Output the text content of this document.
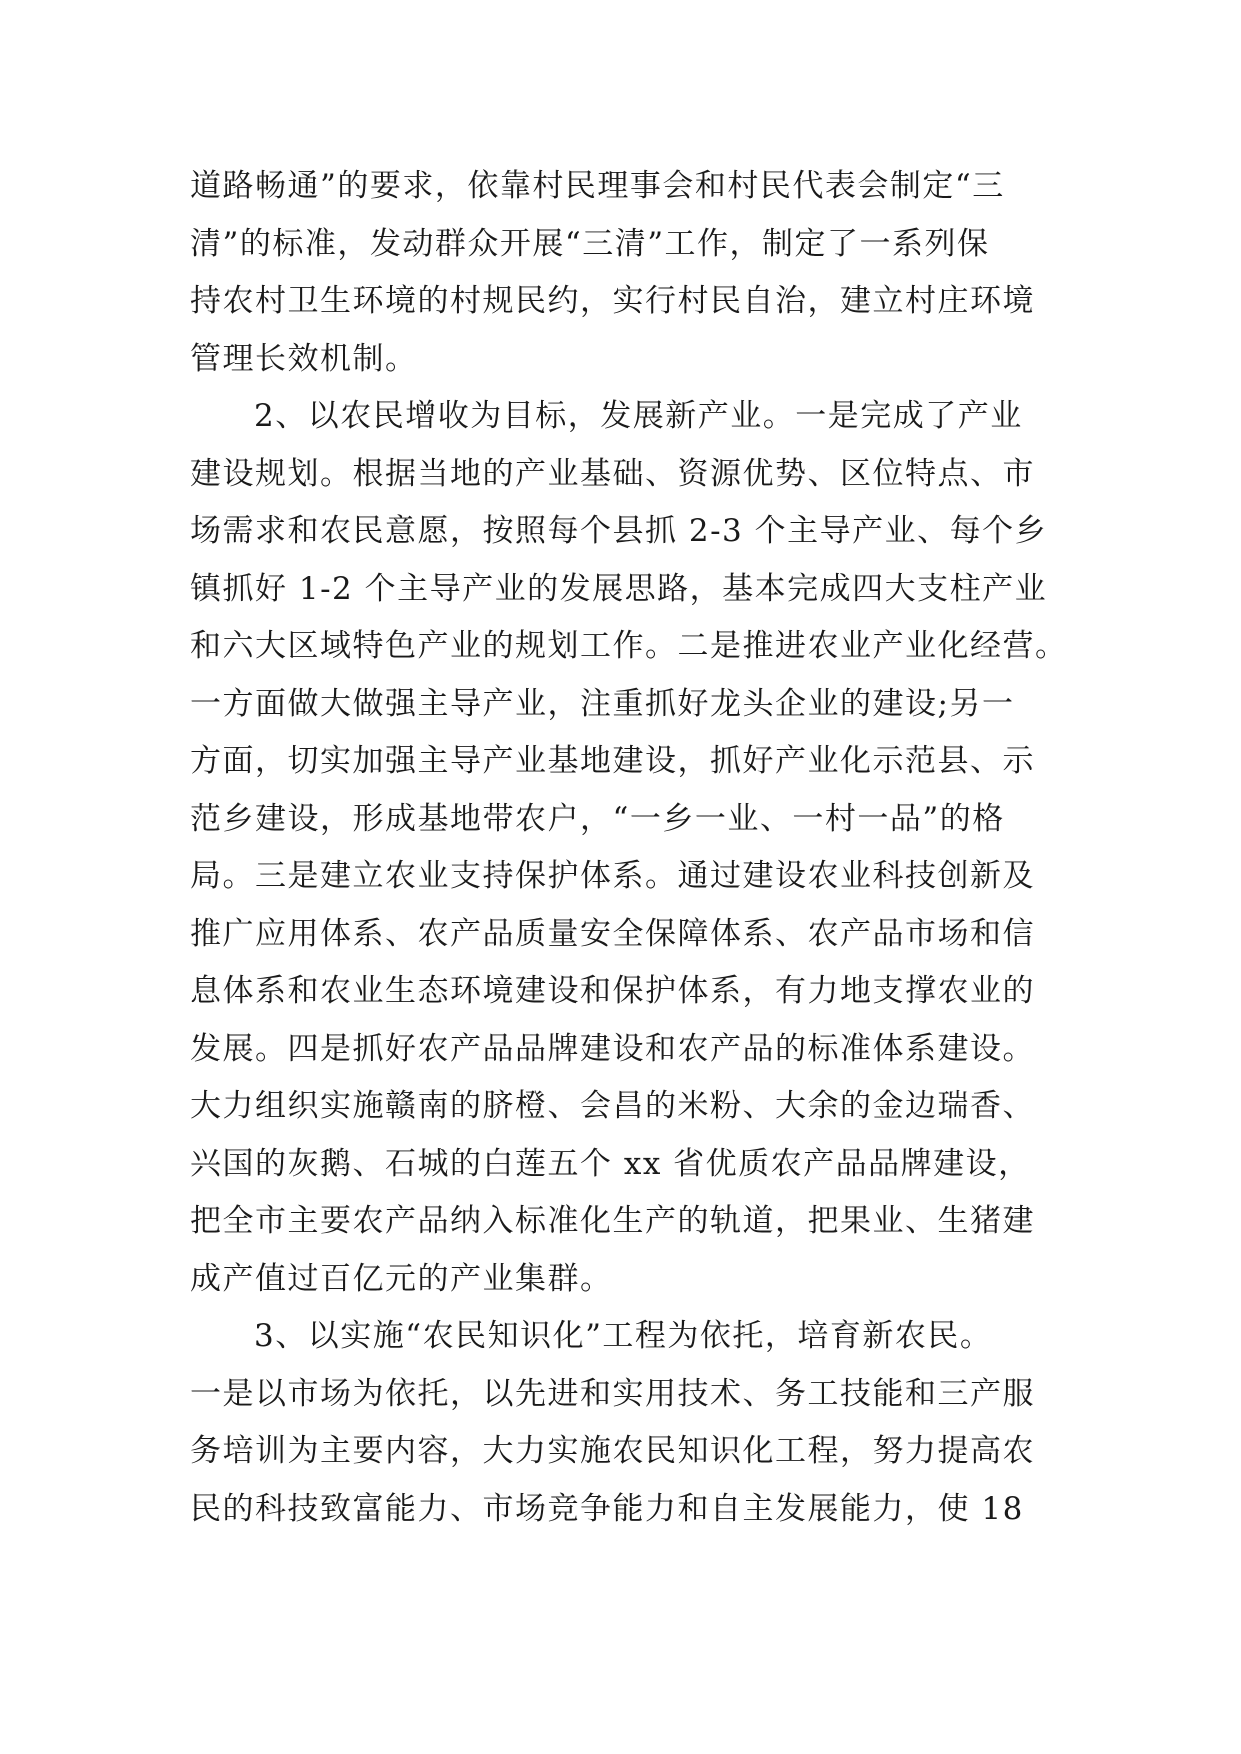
道路畅通”的要求，依靠村民理事会和村民代表会制定“三
清”的标准，发动群众开展“三清”工作，制定了一系列保
持农村卫生环境的村规民约，实行村民自治，建立村庄环境
管理长效机制。
2、以农民增收为目标，发展新产业。一是完成了产业
建设规划。根据当地的产业基础、资源优势、区位特点、市
场需求和农民意愿，按照每个县抓 2-3 个主导产业、每个乡
镇抓好 1-2 个主导产业的发展思路，基本完成四大支柱产业
和六大区域特色产业的规划工作。二是推进农业产业化经营。
一方面做大做强主导产业，注重抓好龙头企业的建设;另一
方面，切实加强主导产业基地建设，抓好产业化示范县、示
范乡建设，形成基地带农户，“一乡一业、一村一品”的格
局。三是建立农业支持保护体系。通过建设农业科技创新及
推广应用体系、农产品质量安全保障体系、农产品市场和信
息体系和农业生态环境建设和保护体系，有力地支撑农业的
发展。四是抓好农产品品牌建设和农产品的标准体系建设。
大力组织实施赣南的脐橙、会昌的米粉、大余的金边瑞香、
兴国的灰鹅、石城的白莲五个 xx 省优质农产品品牌建设，
把全市主要农产品纳入标准化生产的轨道，把果业、生猪建
成产值过百亿元的产业集群。
3、以实施“农民知识化”工程为依托，培育新农民。
一是以市场为依托，以先进和实用技术、务工技能和三产服
务培训为主要内容，大力实施农民知识化工程，努力提高农
民的科技致富能力、市场竞争能力和自主发展能力，使 18
